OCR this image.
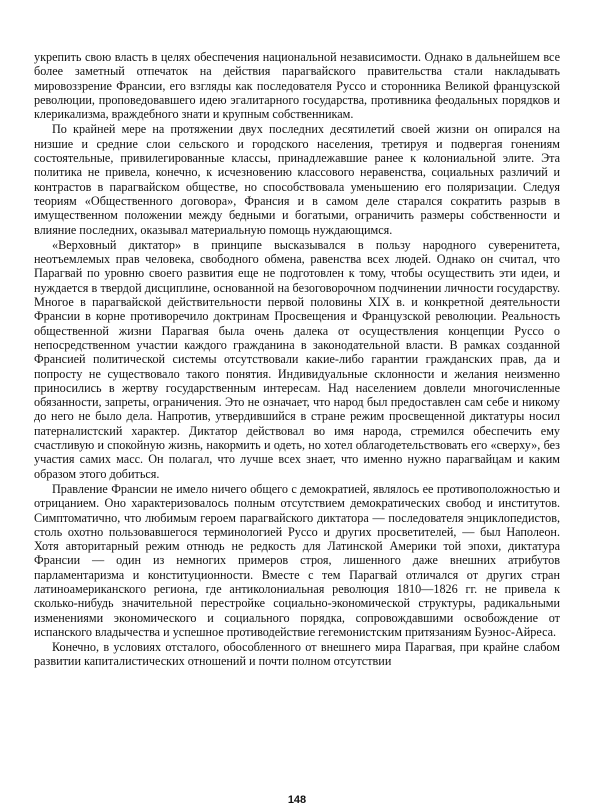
укрепить свою власть в целях обеспечения национальной независимости. Однако в дальнейшем все более заметный отпечаток на действия парагвайского правительства стали накладывать мировоззрение Франсии, его взгляды как последователя Руссо и сторонника Великой французской революции, проповедовавшего идею эгалитарного государства, противника феодальных порядков и клерикализма, враждебного знати и крупным собственникам.

По крайней мере на протяжении двух последних десятилетий своей жизни он опирался на низшие и средние слои сельского и городского населения, третируя и подвергая гонениям состоятельные, привилегированные классы, принадлежавшие ранее к колониальной элите. Эта политика не привела, конечно, к исчезновению классового неравенства, социальных различий и контрастов в парагвайском обществе, но способствовала уменьшению его поляризации. Следуя теориям «Общественного договора», Франсия и в самом деле старался сократить разрыв в имущественном положении между бедными и богатыми, ограничить размеры собственности и влияние последних, оказывал материальную помощь нуждающимся.

«Верховный диктатор» в принципе высказывался в пользу народного суверенитета, неотъемлемых прав человека, свободного обмена, равенства всех людей. Однако он считал, что Парагвай по уровню своего развития еще не подготовлен к тому, чтобы осуществить эти идеи, и нуждается в твердой дисциплине, основанной на безоговорочном подчинении личности государству. Многое в парагвайской действительности первой половины XIX в. и конкретной деятельности Франсии в корне противоречило доктринам Просвещения и Французской революции. Реальность общественной жизни Парагвая была очень далека от осуществления концепции Руссо о непосредственном участии каждого гражданина в законодательной власти. В рамках созданной Франсией политической системы отсутствовали какие-либо гарантии гражданских прав, да и попросту не существовало такого понятия. Индивидуальные склонности и желания неизменно приносились в жертву государственным интересам. Над населением довлели многочисленные обязанности, запреты, ограничения. Это не означает, что народ был предоставлен сам себе и никому до него не было дела. Напротив, утвердившийся в стране режим просвещенной диктатуры носил патерналистский характер. Диктатор действовал во имя народа, стремился обеспечить ему счастливую и спокойную жизнь, накормить и одеть, но хотел облагодетельствовать его «сверху», без участия самих масс. Он полагал, что лучше всех знает, что именно нужно парагвайцам и каким образом этого добиться.

Правление Франсии не имело ничего общего с демократией, являлось ее противоположностью и отрицанием. Оно характеризовалось полным отсутствием демократических свобод и институтов. Симптоматично, что любимым героем парагвайского диктатора — последователя энциклопедистов, столь охотно пользовавшегося терминологией Руссо и других просветителей, — был Наполеон. Хотя авторитарный режим отнюдь не редкость для Латинской Америки той эпохи, диктатура Франсии — один из немногих примеров строя, лишенного даже внешних атрибутов парламентаризма и конституционности. Вместе с тем Парагвай отличался от других стран латиноамериканского региона, где антиколониальная революция 1810—1826 гг. не привела к сколько-нибудь значительной перестройке социально-экономической структуры, радикальными изменениями экономического и социального порядка, сопровождавшими освобождение от испанского владычества и успешное противодействие гегемонистским притязаниям Буэнос-Айреса.

Конечно, в условиях отсталого, обособленного от внешнего мира Парагвая, при крайне слабом развитии капиталистических отношений и почти полном отсутствии

148
